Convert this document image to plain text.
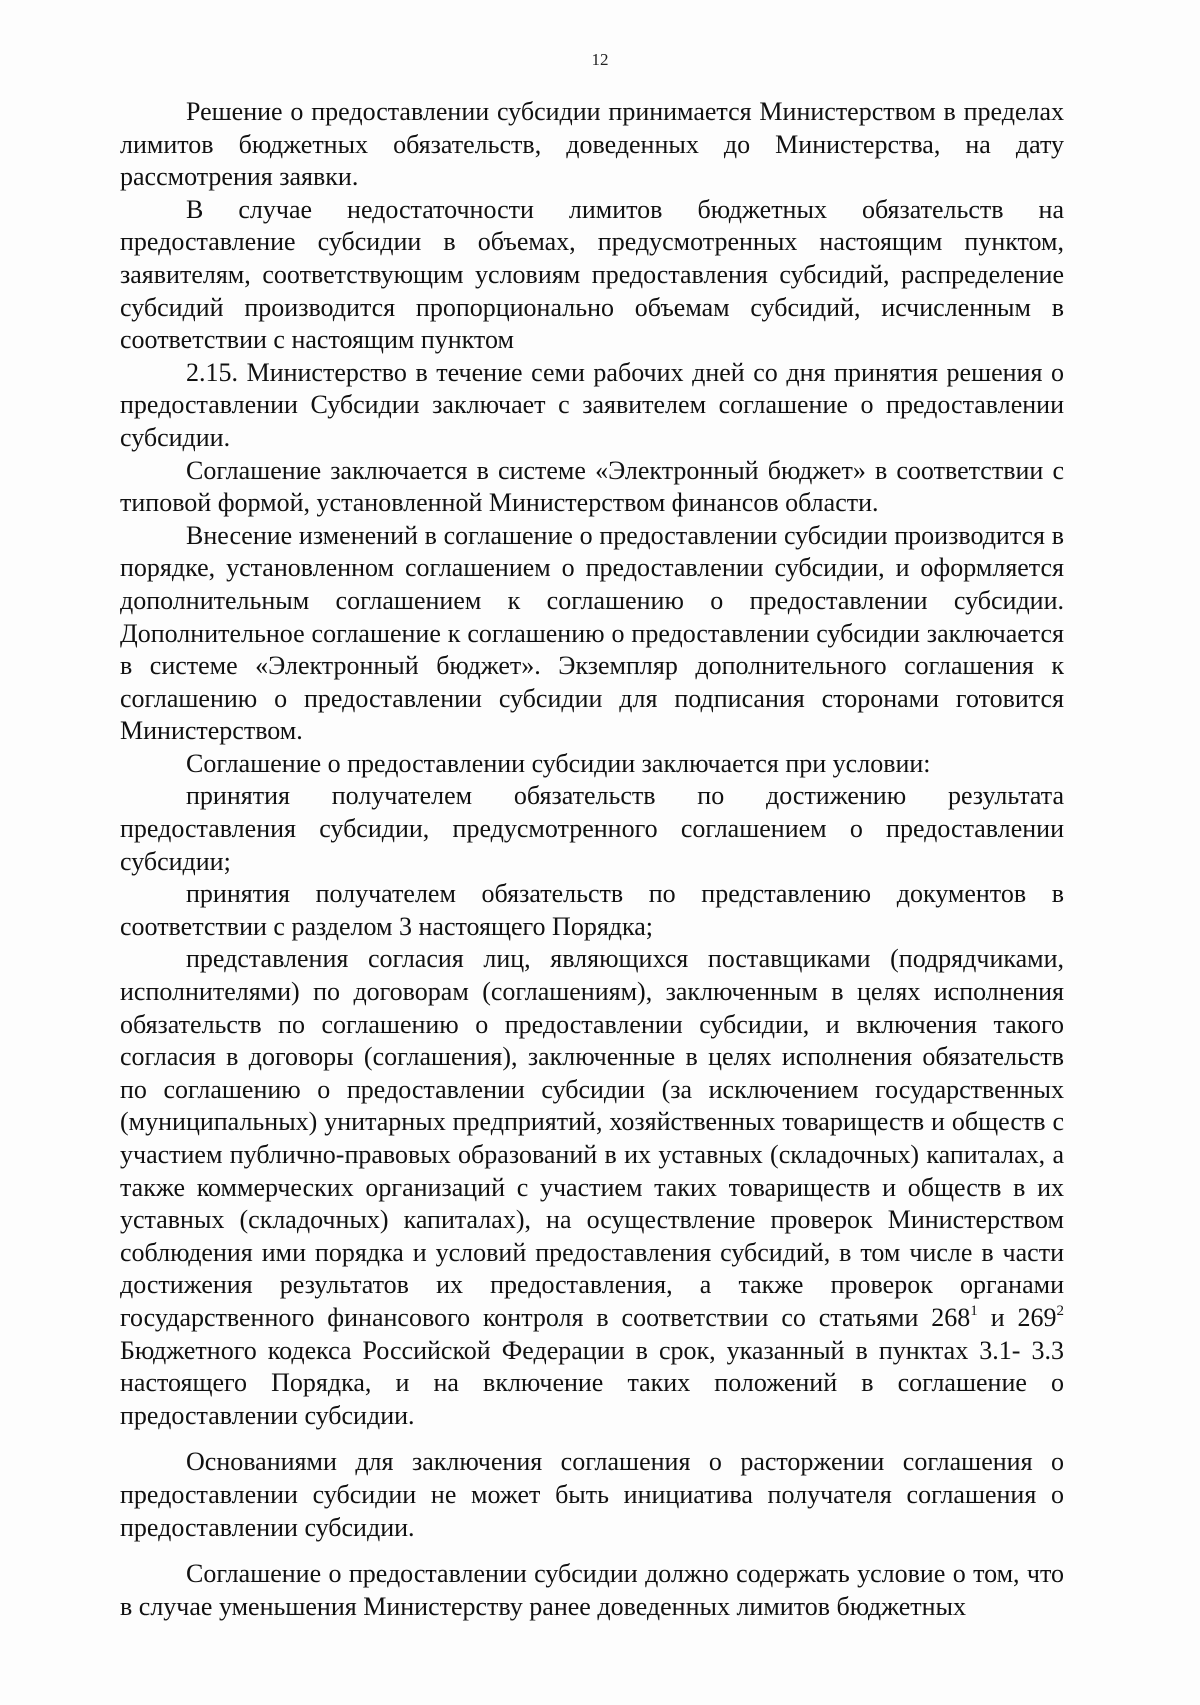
12

Решение о предоставлении субсидии принимается Министерством в пределах лимитов бюджетных обязательств, доведенных до Министерства, на дату рассмотрения заявки.

В случае недостаточности лимитов бюджетных обязательств на предоставление субсидии в объемах, предусмотренных настоящим пунктом, заявителям, соответствующим условиям предоставления субсидий, распределение субсидий производится пропорционально объемам субсидий, исчисленным в соответствии с настоящим пунктом

2.15. Министерство в течение семи рабочих дней со дня принятия решения о предоставлении Субсидии заключает с заявителем соглашение о предоставлении субсидии.

Соглашение заключается в системе «Электронный бюджет» в соответствии с типовой формой, установленной Министерством финансов области.

Внесение изменений в соглашение о предоставлении субсидии производится в порядке, установленном соглашением о предоставлении субсидии, и оформляется дополнительным соглашением к соглашению о предоставлении субсидии. Дополнительное соглашение к соглашению о предоставлении субсидии заключается в системе «Электронный бюджет». Экземпляр дополнительного соглашения к соглашению о предоставлении субсидии для подписания сторонами готовится Министерством.

Соглашение о предоставлении субсидии заключается при условии:

принятия получателем обязательств по достижению результата предоставления субсидии, предусмотренного соглашением о предоставлении субсидии;

принятия получателем обязательств по представлению документов в соответствии с разделом 3 настоящего Порядка;

представления согласия лиц, являющихся поставщиками (подрядчиками, исполнителями) по договорам (соглашениям), заключенным в целях исполнения обязательств по соглашению о предоставлении субсидии, и включения такого согласия в договоры (соглашения), заключенные в целях исполнения обязательств по соглашению о предоставлении субсидии (за исключением государственных (муниципальных) унитарных предприятий, хозяйственных товариществ и обществ с участием публично-правовых образований в их уставных (складочных) капиталах, а также коммерческих организаций с участием таких товариществ и обществ в их уставных (складочных) капиталах), на осуществление проверок Министерством соблюдения ими порядка и условий предоставления субсидий, в том числе в части достижения результатов их предоставления, а также проверок органами государственного финансового контроля в соответствии со статьями $268^1$ и $269^2$ Бюджетного кодекса Российской Федерации в срок, указанный в пунктах 3.1- 3.3 настоящего Порядка, и на включение таких положений в соглашение о предоставлении субсидии.

Основаниями для заключения соглашения о расторжении соглашения о предоставлении субсидии не может быть инициатива получателя соглашения о предоставлении субсидии.

Соглашение о предоставлении субсидии должно содержать условие о том, что в случае уменьшения Министерству ранее доведенных лимитов бюджетных
